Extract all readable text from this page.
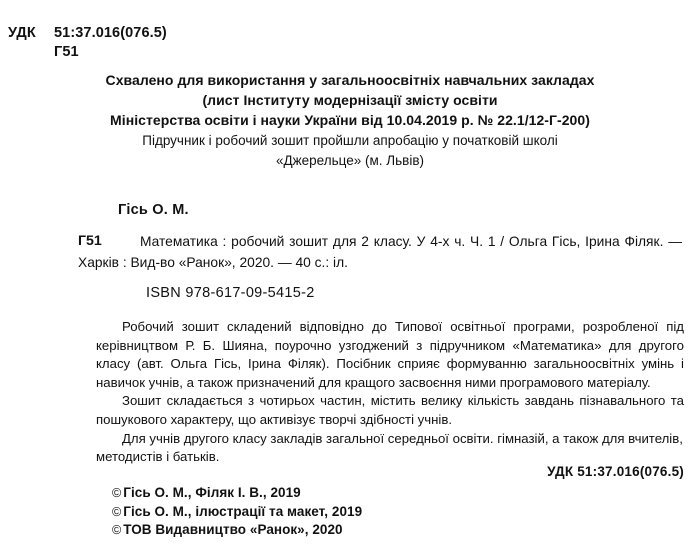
УДК 51:37.016(076.5)
Г51
Схвалено для використання у загальноосвітніх навчальних закладах
(лист Інституту модернізації змісту освіти
Міністерства освіти і науки України від 10.04.2019 р. № 22.1/12-Г-200)
Підручник і робочий зошит пройшли апробацію у початковій школі
«Джерельце» (м. Львів)
Гісь О. М.
Г51	Математика : робочий зошит для 2 класу. У 4-х ч. Ч. 1 / Ольга Гісь, Ірина Філяк. — Харків : Вид-во «Ранок», 2020. — 40 с.: іл.
ISBN 978-617-09-5415-2

Робочий зошит складений відповідно до Типової освітньої програми, розробленої під керівництвом Р. Б. Шияна, поурочно узгоджений з підручником «Математика» для другого класу (авт. Ольга Гісь, Ірина Філяк). Посібник сприяє формуванню загальноосвітніх умінь і навичок учнів, а також призначений для кращого засвоєння ними програмового матеріалу.

Зошит складається з чотирьох частин, містить велику кількість завдань пізнавального та пошукового характеру, що активізує творчі здібності учнів.

Для учнів другого класу закладів загальної середньої освіти. гімназій, а також для вчителів, методистів і батьків.

УДК 51:37.016(076.5)
© Гісь О. М., Філяк І. В., 2019
© Гісь О. М., ілюстрації та макет, 2019
© ТОВ Видавництво «Ранок», 2020
